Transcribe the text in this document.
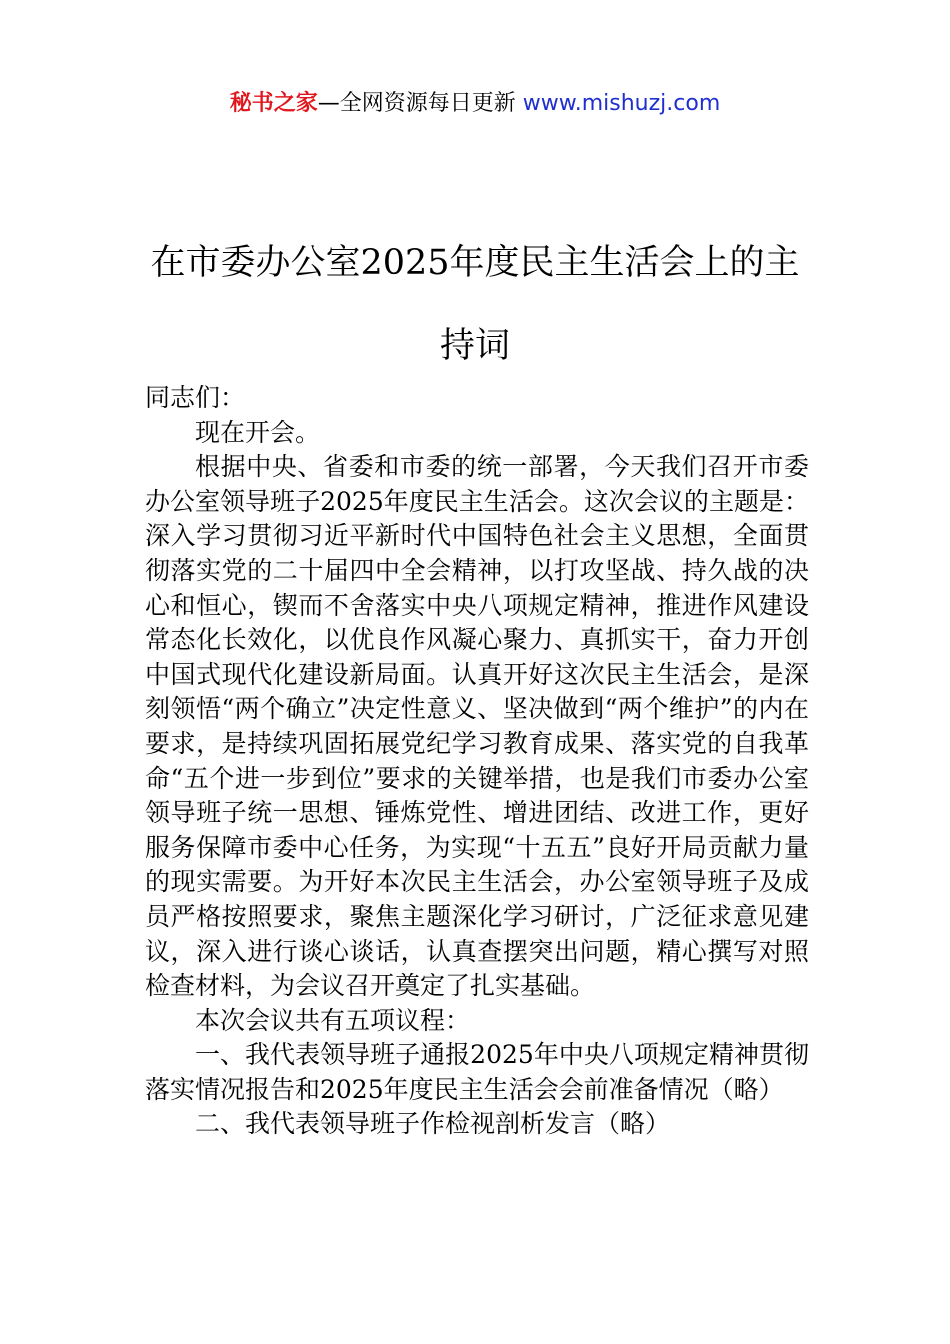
秘书之家—全网资源每日更新 www.mishuzj.com
在市委办公室2025年度民主生活会上的主持词

同志们：

现在开会。

根据中央、省委和市委的统一部署，今天我们召开市委办公室领导班子2025年度民主生活会。这次会议的主题是：深入学习贯彻习近平新时代中国特色社会主义思想，全面贯彻落实党的二十届四中全会精神，以打攻坚战、持久战的决心和恒心，锲而不舍落实中央八项规定精神，推进作风建设常态化长效化，以优良作风凝心聚力、真抓实干，奋力开创中国式现代化建设新局面。认真开好这次民主生活会，是深刻领悟“两个确立”决定性意义、坚决做到“两个维护”的内在要求，是持续巩固拓展党纪学习教育成果、落实党的自我革命“五个进一步到位”要求的关键举措，也是我们市委办公室领导班子统一思想、锤炼党性、增进团结、改进工作，更好服务保障市委中心任务，为实现“十五五”良好开局贡献力量的现实需要。为开好本次民主生活会，办公室领导班子及成员严格按照要求，聚焦主题深化学习研讨，广泛征求意见建议，深入进行谈心谈话，认真查摆突出问题，精心撰写对照检查材料，为会议召开奠定了扎实基础。

本次会议共有五项议程：

一、我代表领导班子通报2025年中央八项规定精神贯彻落实情况报告和2025年度民主生活会会前准备情况（略）

二、我代表领导班子作检视剖析发言（略）
